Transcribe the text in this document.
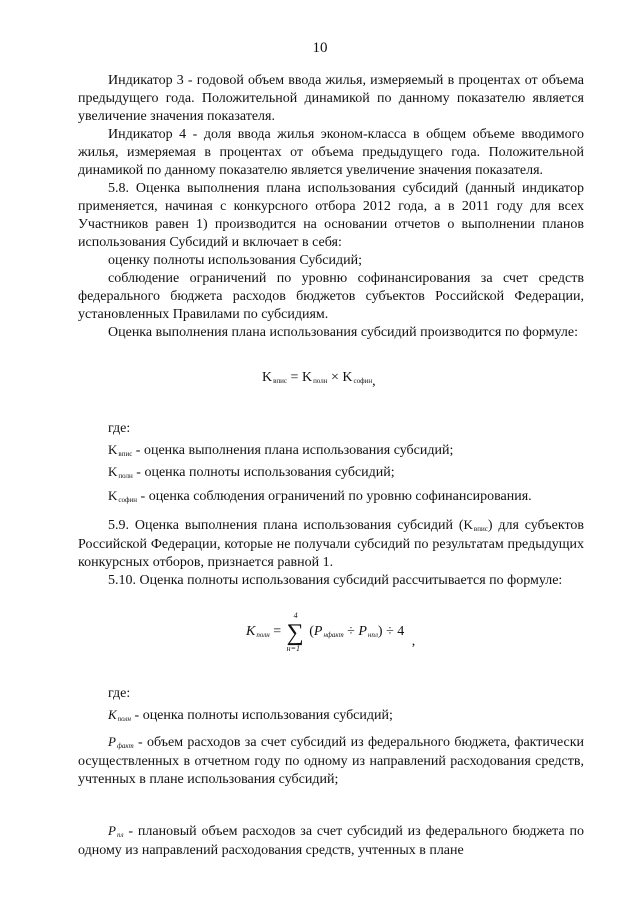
10

Индикатор 3 - годовой объем ввода жилья, измеряемый в процентах от объема предыдущего года. Положительной динамикой по данному показателю является увеличение значения показателя.

Индикатор 4 - доля ввода жилья эконом-класса в общем объеме вводимого жилья, измеряемая в процентах от объема предыдущего года. Положительной динамикой по данному показателю является увеличение значения показателя.

5.8. Оценка выполнения плана использования субсидий (данный индикатор применяется, начиная с конкурсного отбора 2012 года, а в 2011 году для всех Участников равен 1) производится на основании отчетов о выполнении планов использования Субсидий и включает в себя:

оценку полноты использования Субсидий;

соблюдение ограничений по уровню софинансирования за счет средств федерального бюджета расходов бюджетов субъектов Российской Федерации, установленных Правилами по субсидиям.

Оценка выполнения плана использования субсидий производится по формуле:

Kвпис = Kполн × Kсофин,
где:
Kвпис - оценка выполнения плана использования субсидий;
Kполн - оценка полноты использования субсидий;
Kсофин - оценка соблюдения ограничений по уровню софинансирования.

5.9. Оценка выполнения плана использования субсидий (Kвпис) для субъектов Российской Федерации, которые не получали субсидий по результатам предыдущих конкурсных отборов, признается равной 1.

5.10. Оценка полноты использования субсидий рассчитывается по формуле:

Kполн =
4
∑
н=1
(Pнфакт ÷ Pнпл) ÷ 4 ,
где:
Kполн - оценка полноты использования субсидий;

Pфакт - объем расходов за счет субсидий из федерального бюджета, фактически осуществленных в отчетном году по одному из направлений расходования средств, учтенных в плане использования субсидий;

Pпл - плановый объем расходов за счет субсидий из федерального бюджета по одному из направлений расходования средств, учтенных в плане
